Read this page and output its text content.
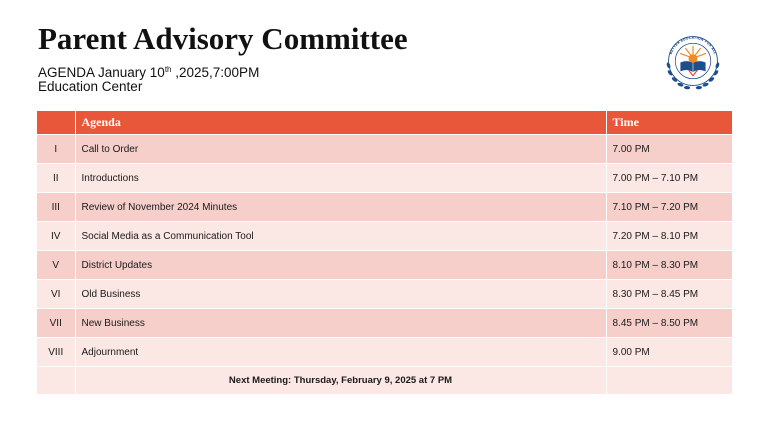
Parent Advisory Committee
AGENDA January 10th ,2025,7:00PM
Education Center
BETTER EDUCATION FOR ALL
	Agenda	Time
I	Call to Order	7.00 PM
II	Introductions	7.00 PM – 7.10 PM
III	Review of November 2024 Minutes	7.10 PM – 7.20 PM
IV	Social Media as a Communication Tool	7.20 PM – 8.10 PM
V	District Updates	8.10 PM – 8.30 PM
VI	Old Business	8.30 PM – 8.45 PM
VII	New Business	8.45 PM – 8.50 PM
VIII	Adjournment	9.00 PM
	Next Meeting: Thursday, February 9, 2025 at 7 PM	
